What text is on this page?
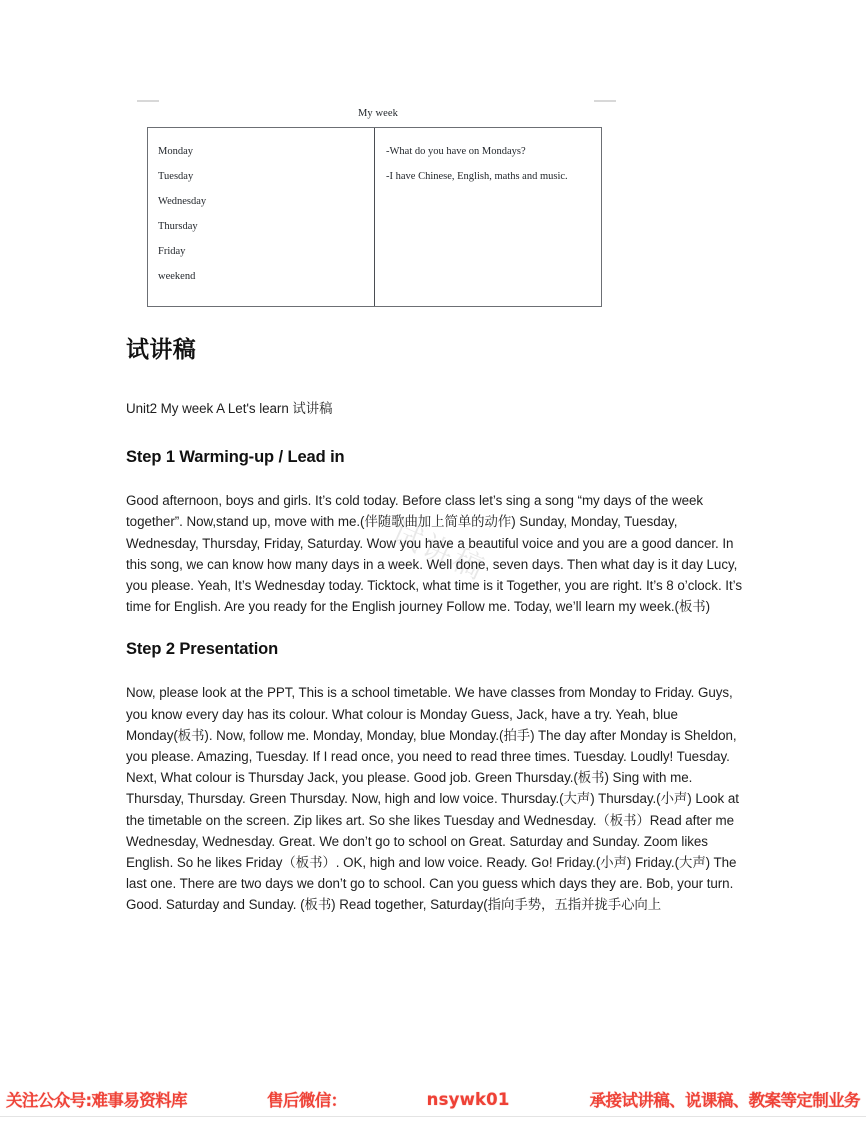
My week
Monday
Tuesday
Wednesday
Thursday
Friday
weekend
-What do you have on Mondays?
-I have Chinese, English, maths and music.
试讲稿

Unit2 My week A Let's learn 试讲稿

Step 1 Warming-up / Lead in

Good afternoon, boys and girls. It’s cold today. Before class let’s sing a song “my days of the week together”. Now,stand up, move with me.(伴随歌曲加上简单的动作) Sunday, Monday, Tuesday, Wednesday, Thursday, Friday, Saturday. Wow you have a beautiful voice and you are a good dancer. In this song, we can know how many days in a week. Well done, seven days. Then what day is it day Lucy, you please. Yeah, It’s Wednesday today. Ticktock, what time is it Together, you are right. It’s 8 o’clock. It’s time for English. Are you ready for the English journey Follow me. Today, we’ll learn my week.(板书)

Step 2 Presentation

Now, please look at the PPT, This is a school timetable. We have classes from Monday to Friday. Guys, you know every day has its colour. What colour is Monday Guess, Jack, have a try. Yeah, blue Monday(板书). Now, follow me. Monday, Monday, blue Monday.(拍手) The day after Monday is Sheldon, you please. Amazing, Tuesday. If I read once, you need to read three times. Tuesday. Loudly! Tuesday. Next, What colour is Thursday Jack, you please. Good job. Green Thursday.(板书) Sing with me. Thursday, Thursday. Green Thursday. Now, high and low voice. Thursday.(大声) Thursday.(小声) Look at the timetable on the screen. Zip likes art. So she likes Tuesday and Wednesday.（板书）Read after me Wednesday, Wednesday. Great. We don’t go to school on Great. Saturday and Sunday. Zoom likes English. So he likes Friday（板书）. OK, high and low voice. Ready. Go! Friday.(小声) Friday.(大声) The last one. There are two days we don’t go to school. Can you guess which days they are. Bob, your turn. Good. Saturday and Sunday. (板书) Read together, Saturday(指向手势，五指并拢手心向上

试讲稿
关注公众号:难事易资料库	售后微信：	nsywk01	承接试讲稿、说课稿、教案等定制业务
